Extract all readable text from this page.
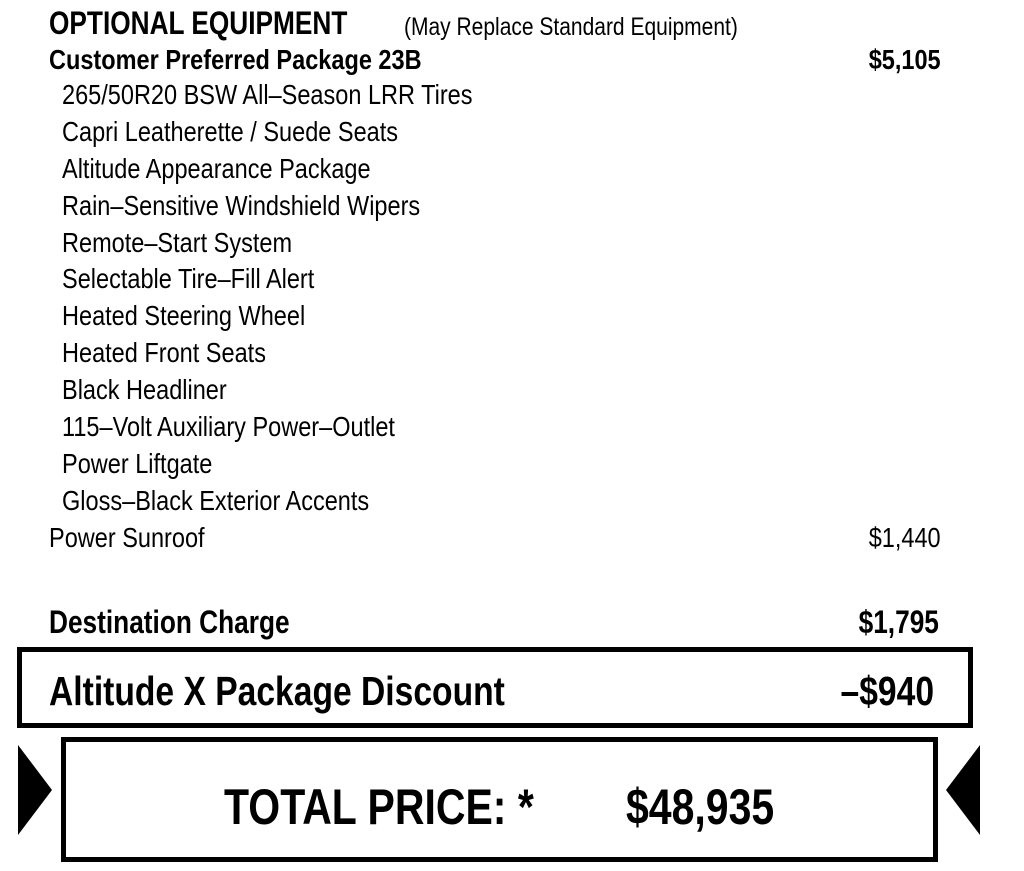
OPTIONAL EQUIPMENT (May Replace Standard Equipment)
Customer Preferred Package 23B	$5,105
265/50R20 BSW All–Season LRR Tires
Capri Leatherette / Suede Seats
Altitude Appearance Package
Rain–Sensitive Windshield Wipers
Remote–Start System
Selectable Tire–Fill Alert
Heated Steering Wheel
Heated Front Seats
Black Headliner
115–Volt Auxiliary Power–Outlet
Power Liftgate
Gloss–Black Exterior Accents
Power Sunroof	$1,440
Destination Charge	$1,795
Altitude X Package Discount	–$940
TOTAL PRICE: * $48,935
